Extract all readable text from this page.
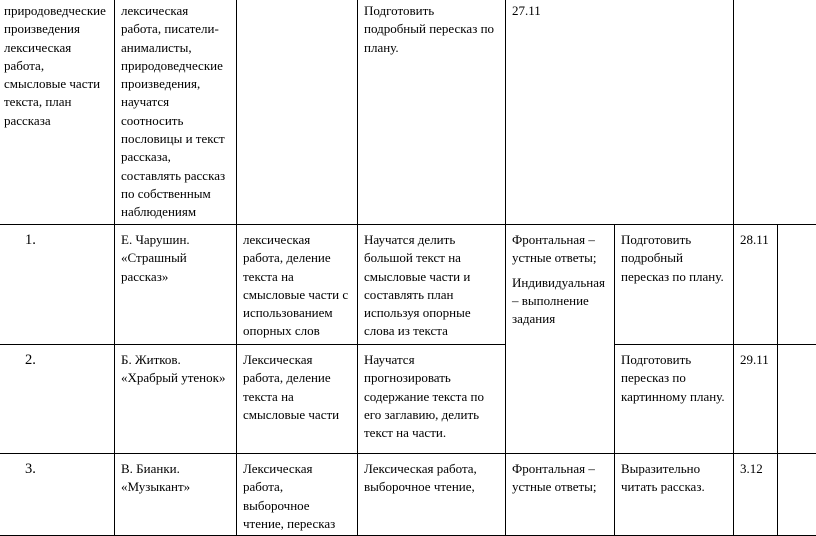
природоведческие произведения лексическая работа, смысловые части текста, план рассказа	лексическая работа, писатели-анималисты, природоведческие произведения, научатся соотносить пословицы и текст рассказа, составлять рассказ по собственным наблюдениям		Подготовить подробный пересказ по плану.	27.11			
1.	Е. Чарушин. «Страшный рассказ»	лексическая работа, деление текста на смысловые части с использованием опорных слов	Научатся делить большой текст на смысловые части и составлять план используя опорные слова из текста	Фронтальная – устные ответы;
Индивидуальная – выполнение задания	Подготовить подробный пересказ по плану.	28.11	
2.	Б. Житков. «Храбрый утенок»	Лексическая работа, деление текста на смысловые части	Научатся прогнозировать содержание текста по его заглавию, делить текст на части.		Подготовить пересказ по картинному плану.	29.11	
3.	В. Бианки. «Музыкант»	Лексическая работа, выборочное чтение, пересказ	Лексическая работа, выборочное чтение,	Фронтальная – устные ответы;	Выразительно читать рассказ.	3.12	
